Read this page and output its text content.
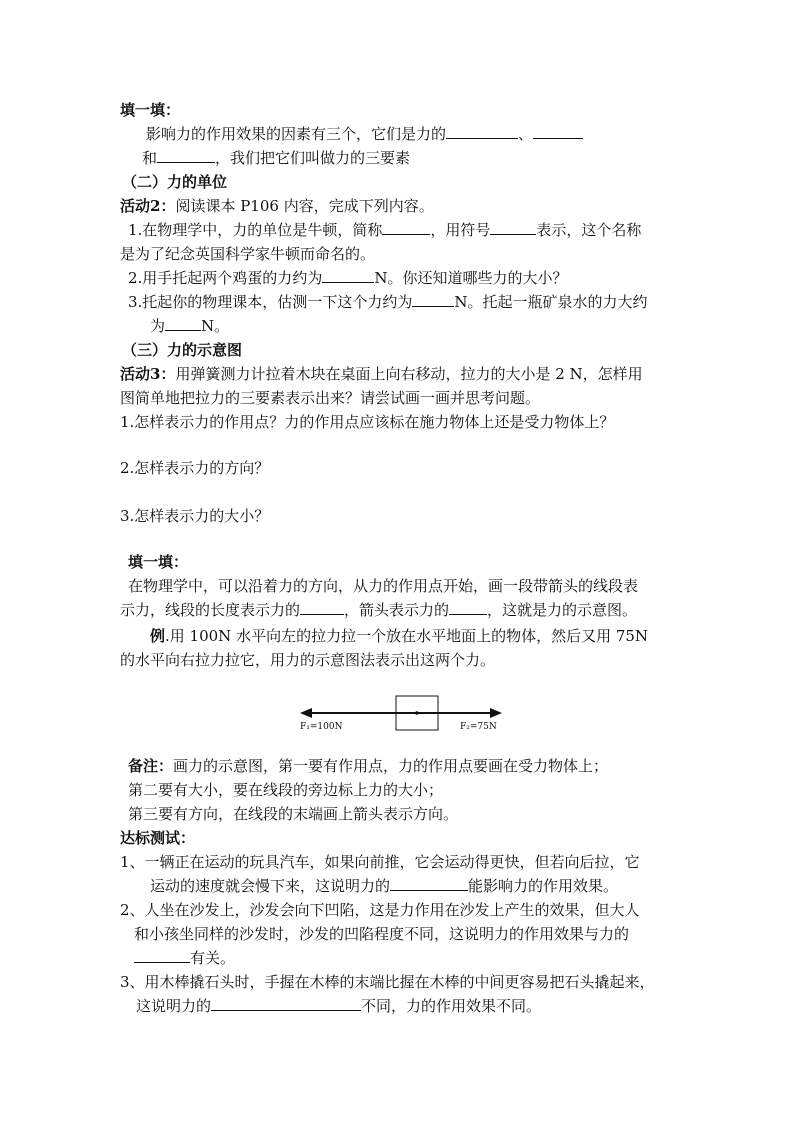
填一填：
影响力的作用效果的因素有三个，它们是力的	、
和	，我们把它们叫做力的三要素
（二）力的单位
活动2：阅读课本 P106 内容，完成下列内容。
1.在物理学中，力的单位是牛顿，简称	，用符号	表示，这个名称
是为了纪念英国科学家牛顿而命名的。
2.用手托起两个鸡蛋的力约为	N。你还知道哪些力的大小？
3.托起你的物理课本，估测一下这个力约为	N。托起一瓶矿泉水的力大约
为 N。
（三）力的示意图
活动3：用弹簧测力计拉着木块在桌面上向右移动，拉力的大小是 2 N，怎样用
图简单地把拉力的三要素表示出来？请尝试画一画并思考问题。
1.怎样表示力的作用点？力的作用点应该标在施力物体上还是受力物体上？
2.怎样表示力的方向？
3.怎样表示力的大小？
填一填：
在物理学中，可以沿着力的方向，从力的作用点开始，画一段带箭头的线段表
示力，线段的长度表示力的	，箭头表示力的	，这就是力的示意图。
例.用 100N 水平向左的拉力拉一个放在水平地面上的物体，然后又用 75N
的水平向右拉力拉它，用力的示意图法表示出这两个力。
F₁=100N	F₂=75N
备注：画力的示意图，第一要有作用点，力的作用点要画在受力物体上；
第二要有大小，要在线段的旁边标上力的大小；
第三要有方向，在线段的末端画上箭头表示方向。
达标测试：
1、一辆正在运动的玩具汽车，如果向前推，它会运动得更快，但若向后拉，它
运动的速度就会慢下来，这说明力的	能影响力的作用效果。
2、人坐在沙发上，沙发会向下凹陷，这是力作用在沙发上产生的效果，但大人
和小孩坐同样的沙发时，沙发的凹陷程度不同，这说明力的作用效果与力的
有关。
3、用木棒撬石头时，手握在木棒的末端比握在木棒的中间更容易把石头撬起来，
这说明力的	不同，力的作用效果不同。
